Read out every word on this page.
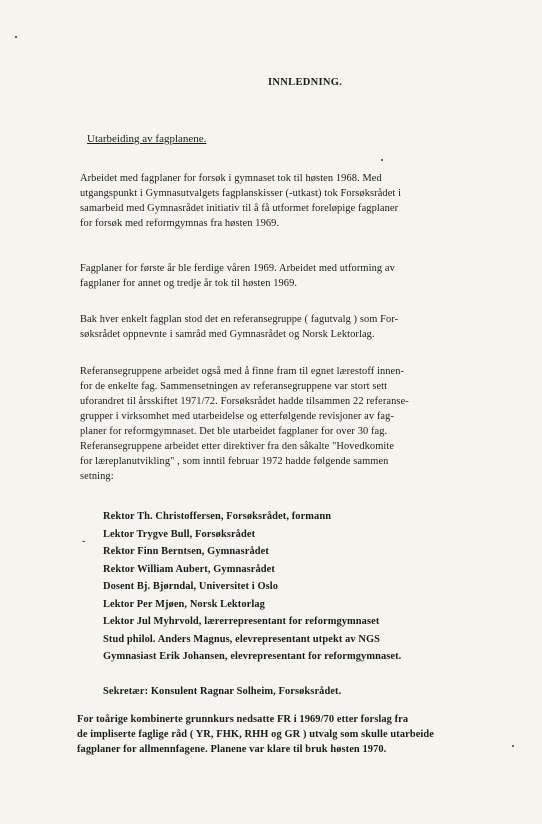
INNLEDNING.
Utarbeiding av fagplanene.
Arbeidet med fagplaner for forsøk i gymnaset tok til høsten 1968. Med
utgangspunkt i Gymnasutvalgets fagplanskisser (-utkast) tok Forsøksrådet i
samarbeid med Gymnasrådet initiativ til å få utformet foreløpige fagplaner
for forsøk med reformgymnas fra høsten 1969.
Fagplaner for første år ble ferdige våren 1969. Arbeidet med utforming av
fagplaner for annet og tredje år tok til høsten 1969.
Bak hver enkelt fagplan stod det en referansegruppe ( fagutvalg ) som For-
søksrådet oppnevnte i samråd med Gymnasrådet og Norsk Lektorlag.
Referansegruppene arbeidet også med å finne fram til egnet lærestoff innen-
for de enkelte fag. Sammensetningen av referansegruppene var stort sett
uforandret til årsskiftet 1971/72. Forsøksrådet hadde tilsammen 22 referanse-
grupper i virksomhet med utarbeidelse og etterfølgende revisjoner av fag-
planer for reformgymnaset. Det ble utarbeidet fagplaner for over 30 fag.
Referansegruppene arbeidet etter direktiver fra den såkalte "Hovedkomite
for læreplanutvikling" , som inntil februar 1972 hadde følgende sammen
setning:
-
Rektor Th. Christoffersen, Forsøksrådet, formann
Lektor Trygve Bull, Forsøksrådet
Rektor Finn Berntsen, Gymnasrådet
Rektor William Aubert, Gymnasrådet
Dosent Bj. Bjørndal, Universitet i Oslo
Lektor Per Mjøen, Norsk Lektorlag
Lektor Jul Myhrvold, lærerrepresentant for reformgymnaset
Stud philol. Anders Magnus, elevrepresentant utpekt av NGS
Gymnasiast Erik Johansen, elevrepresentant for reformgymnaset.
Sekretær: Konsulent Ragnar Solheim, Forsøksrådet.
For toårige kombinerte grunnkurs nedsatte FR i 1969/70 etter forslag fra
de impliserte faglige råd ( YR, FHK, RHH og GR ) utvalg som skulle utarbeide
fagplaner for allmennfagene. Planene var klare til bruk høsten 1970.
